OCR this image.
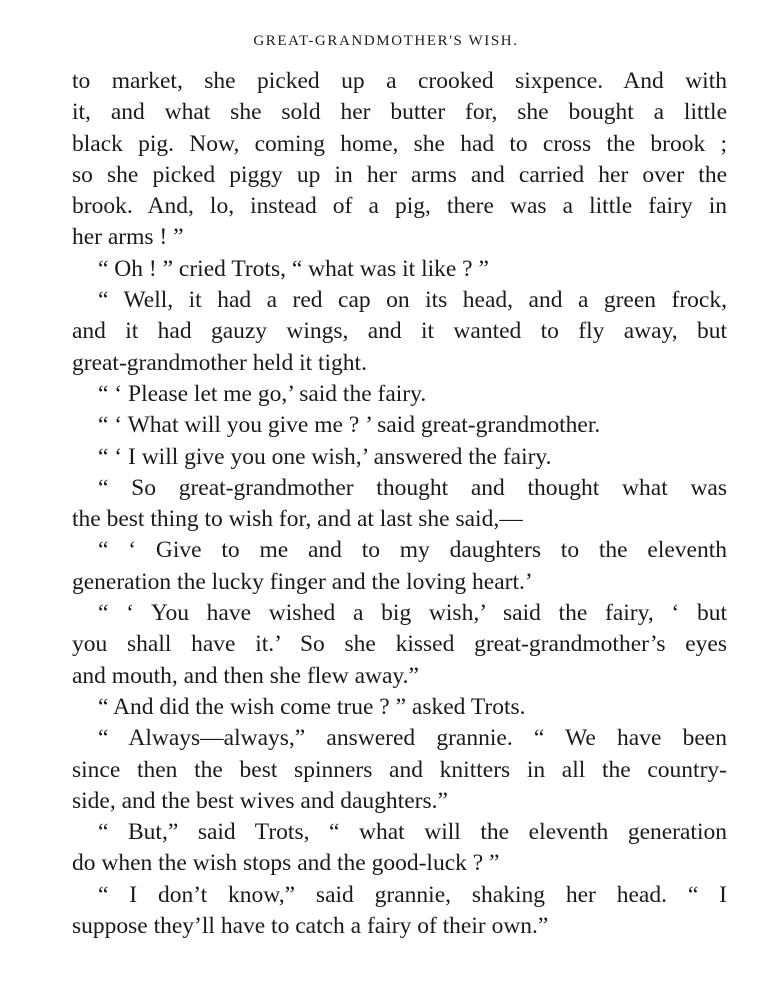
GREAT-GRANDMOTHER'S WISH.
to market, she picked up a crooked sixpence. And with
it, and what she sold her butter for, she bought a little
black pig. Now, coming home, she had to cross the brook ;
so she picked piggy up in her arms and carried her over the
brook. And, lo, instead of a pig, there was a little fairy in
her arms ! ”
“ Oh ! ” cried Trots, “ what was it like ? ”
“ Well, it had a red cap on its head, and a green frock,
and it had gauzy wings, and it wanted to fly away, but
great-grandmother held it tight.
“ ‘ Please let me go,’ said the fairy.
“ ‘ What will you give me ? ’ said great-grandmother.
“ ‘ I will give you one wish,’ answered the fairy.
“ So great-grandmother thought and thought what was
the best thing to wish for, and at last she said,—
“ ‘ Give to me and to my daughters to the eleventh
generation the lucky finger and the loving heart.’
“ ‘ You have wished a big wish,’ said the fairy, ‘ but
you shall have it.’ So she kissed great-grandmother’s eyes
and mouth, and then she flew away.”
“ And did the wish come true ? ” asked Trots.
“ Always—always,” answered grannie. “ We have been
since then the best spinners and knitters in all the country-
side, and the best wives and daughters.”
“ But,” said Trots, “ what will the eleventh generation
do when the wish stops and the good-luck ? ”
“ I don’t know,” said grannie, shaking her head. “ I
suppose they’ll have to catch a fairy of their own.”
